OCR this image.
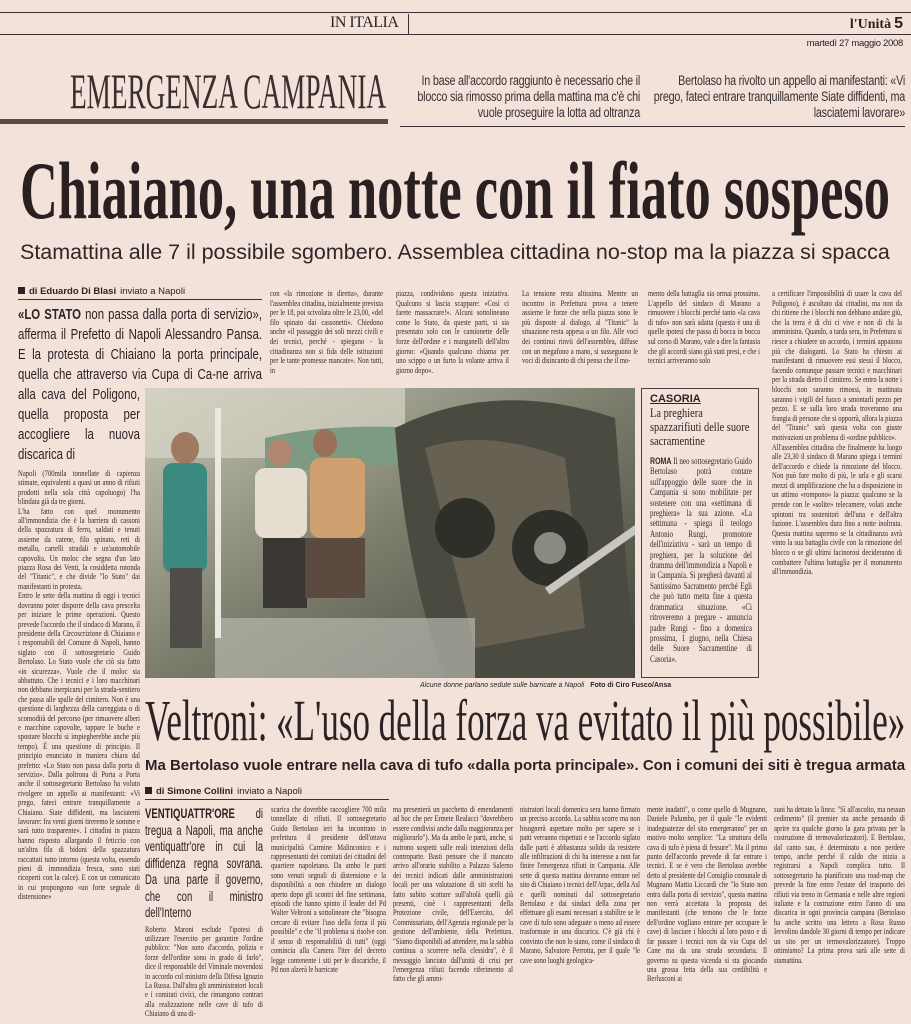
IN ITALIA	l'Unità 5
martedì 27 maggio 2008
EMERGENZA CAMPANIA	In base all'accordo raggiunto è necessario che il blocco sia rimosso prima della mattina ma c'è chi vuole proseguire la lotta ad oltranza
Bertolaso ha rivolto un appello ai manifestanti: «Vi prego, fateci entrare tranquillamente Siate diffidenti, ma lasciatemi lavorare»
Chiaiano, una notte con il fiato sospeso
Stamattina alle 7 il possibile sgombero. Assemblea cittadina no-stop ma la piazza si spacca
di Eduardo Di Blasi inviato a Napoli
«LO STATO non passa dalla porta di servizio», afferma il Prefetto di Napoli Alessandro Pansa. E la protesta di Chiaiano la porta principale, quella che attraverso via Cupa di Ca-ne arriva alla cava del Poligono, quella proposta per accogliere la nuova discarica di

Napoli (700mila tonnellate di capienza stimate, equivalenti a quasi un anno di rifiuti prodotti nella sola città capoluogo) l'ha blindata già da tre giorni.

L'ha fatto con quel monumento all'immondizia che è la barriera di cassoni della spazzatura di ferro, saldati e tenuti assieme da catene, filo spinato, reti di metallo, cartelli stradali e un'automobile capovolta. Un moloc che segna d'un lato piazza Rosa dei Venti, la cosiddetta rotonda del "Titanic", e che divide "lo Stato" dai manifestanti in protesta.

Entro le sette della mattina di oggi i tecnici dovranno poter disporre della cava prescelta per iniziare le prime operazioni. Questo prevede l'accordo che il sindaco di Marano, il presidente della Circoscrizione di Chiaiano e i responsabili del Comune di Napoli, hanno siglato con il sottosegretario Guido Bertolaso. Lo Stato vuole che ciò sia fatto «in sicurezza». Vuole che il moloc sia abbattuto. Che i tecnici e i loro macchinari non debbano inerpicarsi per la strada-sentiero che passa alle spalle del cimitero. Non è una questione di larghezza della carreggiata o di scomodità del percorso (per rimuovere alberi e macchine capovolte, tappare le buche e spostare blocchi si impiegherebbe anche più tempo). È una questione di principio. Il principio enunciato in maniera chiara dal prefetto: «Lo Stato non passa dalla porta di servizio». Dalla poltrona di Porta a Porta anche il sottosegretario Bertolaso ha voluto rivolgere un appello ai manifestanti: «Vi prego, fateci entrare tranquillamente a Chiaiano. Siate diffidenti, ma lasciatemi lavorare: fra venti giorni tireremo le somme e sarà tutto trasparente». I cittadini in piazza hanno risposto allargando il feticcio con un'altra fila di bidoni della spazzatura raccattati tutto intorno (questa volta, essendo pieni di immondizia fresca, sono stati ricoperti con la calce). E con un comunicato in cui propongono «un forte segnale di distensione»

con «la rimozione in diretta», durante l'assemblea cittadina, inizialmente prevista per le 18, poi scivolata oltre le 23,00, «del filo spinato dai cassonetti». Chiedono anche «il passaggio dei soli mezzi civili e dei tecnici, perché - spiegano - la cittadinanza non si fida delle istituzioni per le tante promesse mancate». Non tutti, in
piazza, condividono questa iniziativa. Qualcuno si lascia scappare: «Così ci farete massacrare!». Alcuni sottolineano come lo Stato, da queste parti, si sia presentato solo con le camionette delle forze dell'ordine e i manganelli dell'altro giorno: «Quando qualcuno chiama per uno scippo o un furto la volante arriva il giorno dopo».
La tensione resta altissima. Mentre un incontro in Prefettura prova a tenere assieme le forze che nella piazza sono le più disposte al dialogo, al "Titanic" la situazione resta appesa a un filo. Alle voci dei continui rinvii dell'assemblea, diffuse con un megafono a mano, si susseguono le voci di disincanto di chi pensa che il mo-
mento della battaglia sia ormai prossimo. L'appello del sindaco di Marano a rimuovere i blocchi perché tanto «la cava di tufo» non sarà adatta (questa è una di quelle ipotesi che passa di bocca in bocca sul corso di Marano, vale a dire la fantasia che gli accordi siano già stati presi, e che i tecnici arriveranno solo

a certificare l'impossibilità di usare la cava del Poligono), è ascoltato dai cittadini, ma non da chi ritiene che i blocchi non debbano andare giù, che la terra è di chi ci vive e non di chi la amministra. Quando, a tarda sera, in Prefettura si riesce a chiudere un accordo, i termini appaiono più che dialoganti. Lo Stato ha chiesto ai manifestanti di rimuovere essi stessi il blocco, facendo comunque passare tecnici e macchinari per la strada dietro il cimitero. Se entro la notte i blocchi non saranno rimossi, in mattinata saranno i vigili del fuoco a smontarli pezzo per pezzo. E se sulla loro strada troveranno una frangia di persone che si opporrà, allora la piazza del "Titanic" sarà questa volta con giuste motivazioni un problema di «ordine pubblico».

All'assemblea cittadina che finalmente ha luogo alle 23,30 il sindaco di Marano spiega i termini dell'accordo e chiede la rimozione del blocco. Non può fare molto di più, le urla e gli scarsi mezzi di amplificazione che ha a disposizione in un attimo «rompono» la piazza: qualcuno se la prende con le «solite» telecamere, volati anche spintoni tra sostenitori dell'una e dell'altra fazione. L'assemblea dura fino a notte inoltrata. Questa mattina sapremo se la cittadinanza avrà vinto la sua battaglia civile con la rimozione del blocco o se gli ultimi facinorosi decideranno di combattere l'ultima battaglia per il monumento all'immondizia.

Alcune donne parlano sedute sulle barricate a Napoli Foto di Ciro Fusco/Ansa
CASORIA
La preghiera spazzarifiuti delle suore sacramentine
ROMA Il neo sottosegretario Guido Bertolaso potrà contare sull'appoggio delle suore che in Campania si sono mobilitate per sostenere con una «settimana di preghiera» la sua azione. «La settimana - spiega il teologo Antonio Rungi, promotore dell'iniziativa - sarà un tempo di preghiera, per la soluzione del dramma dell'immondizia a Napoli e in Campania. Si pregherà davanti al Santissimo Sacramento perché Egli che può tutto metta fine a questa drammatica situazione. «Ci ritroveremo a pregare - annuncia padre Rungi - fino a domenica prossima, 1 giugno, nella Chiesa delle Suore Sacramentine di Casoria».
Veltroni: «L'uso della forza va evitato il più possibile»
Ma Bertolaso vuole entrare nella cava di tufo «dalla porta principale». Con i comuni dei siti è tregua armata
di Simone Collini inviato a Napoli
VENTIQUATTR'ORE di tregua a Napoli, ma anche ventiquattr'ore in cui la diffidenza regna sovrana. Da una parte il governo, che con il ministro dell'Interno
Roberto Maroni esclude l'ipotesi di utilizzare l'esercito per garantire l'ordine pubblico: "Non sono d'accordo, polizia e forze dell'ordine sono in grado di farlo", dice il responsabile del Viminale movendosi in accordo col ministro della Difesa Ignazio La Russa. Dall'altra gli amministratori locali e i comitati civici, che rimangono contrari alla realizzazione nelle cave di tufo di Chiaiano di una di-
scarica che dovrebbe raccogliere 700 mila tonnellate di rifiuti. Il sottosegretario Guido Bertolaso ieri ha incontrato in prefettura il presidente dell'ottava municipalità Carmine Malinconico e i rappresentanti dei comitati dei cittadini del quartiere napoletano. Da ambo le parti sono venuti segnali di distensione e la disponibilità a non chiudere un dialogo aperto dopo gli scontri del fine settimana, episodi che hanno spinto il leader del Pd Walter Veltroni a sottolineare che "bisogna cercare di evitare l'uso della forza il più possibile" e che "il problema si risolve con il senso di responsabilità di tutti" (oggi comincia alla Camera l'iter del decreto legge contenente i siti per le discariche, il Pd non alzerà le barricate
ma presenterà un pacchetto di emendamenti ad hoc che per Ermete Realacci "dovrebbero essere condivisi anche dalla maggioranza per migliorarlo"). Ma da ambo le parti, anche, si nutrono sospetti sulle reali intenzioni della controparte. Basti pensare che il mancato arrivo all'orario stabilito a Palazzo Salerno dei tecnici indicati dalle amministrazioni locali per una valutazione di siti scelti ha fatto subito scattare sull'altolà quelli già presenti, cioè i rappresentanti della Protezione civile, dell'Esercito, del Commissariato, dell'Agenzia regionale per la gestione dell'ambiente, della Prefettura. "Siamo disponibili ad attendere, ma la sabbia continua a scorrere nella clessidra", è il messaggio lanciato dall'unità di crisi per l'emergenza rifiuti facendo riferimento al fatto che gli ammi-
nistratori locali domenica sera hanno firmato un preciso accordo. La sabbia scorre ma non bisognerà aspettare molto per sapere se i patti verranno rispettati e se l'accordo siglato dalle parti è abbastanza solido da resistere alle infiltrazioni di chi ha interesse a non far finire l'emergenza rifiuti in Campania. Alle sette di questa mattina dovranno entrare nel sito di Chiaiano i tecnici dell'Arpac, della Asl e quelli nominati dal sottosegretario Bertolaso e dai sindaci della zona per effettuare gli esami necessari a stabilire se le cave di tufo sono adeguate o meno ad essere trasformate in una discarica. C'è già chi è convinto che non lo siano, come il sindaco di Marano, Salvatore Perrotta, per il quale "le cave sono luoghi geologica-
mente inadatti", o come quello di Mugnano, Daniele Palumbo, per il quale "le evidenti inadeguatezze del sito emergeranno" per un motivo molto semplice: "La struttura della cava di tufo è piena di fessure". Ma il primo punto dell'accordo prevede di far entrare i tecnici. E se è vero che Bertolaso avrebbe detto al presidente del Consiglio comunale di Mugnano Mattia Liccardi che "lo Stato non entra dalla porta di servizio", questa mattina non verrà accettata la proposta dei manifestanti (che temono che le forze dell'ordine vogliano entrare per occupare le cave) di lasciare i blocchi al loro posto e di far passare i tecnici non da via Cupa del Cane ma da una strada secondaria. Il governo su questa vicenda si sta giocando una grossa fetta della sua credibilità e Berlusconi ai
suoi ha dettato la linea: "Sì all'ascolto, ma nessun cedimento" (il premier sta anche pensando di aprire tra qualche giorno la gara privata per la costruzione di termovalorizzatori). E Bertolaso, dal canto suo, è determinato a non perdere tempo, anche perché il caldo che inizia a registrarsi a Napoli complica tutto. Il sottosegretario ha pianificato una road-map che prevede la fine entro l'estate del trasporto dei rifiuti via treno in Germania e nelle altre regioni italiane e la costruzione entro l'anno di una discarica in ogni provincia campana (Bertolaso ha anche scritto una lettera a Rosa Russo Iervolino dandole 30 giorni di tempo per indicare un sito per un termovalorizzatore). Troppo ottimismo? La prima prova sarà alle sette di stamattina.
